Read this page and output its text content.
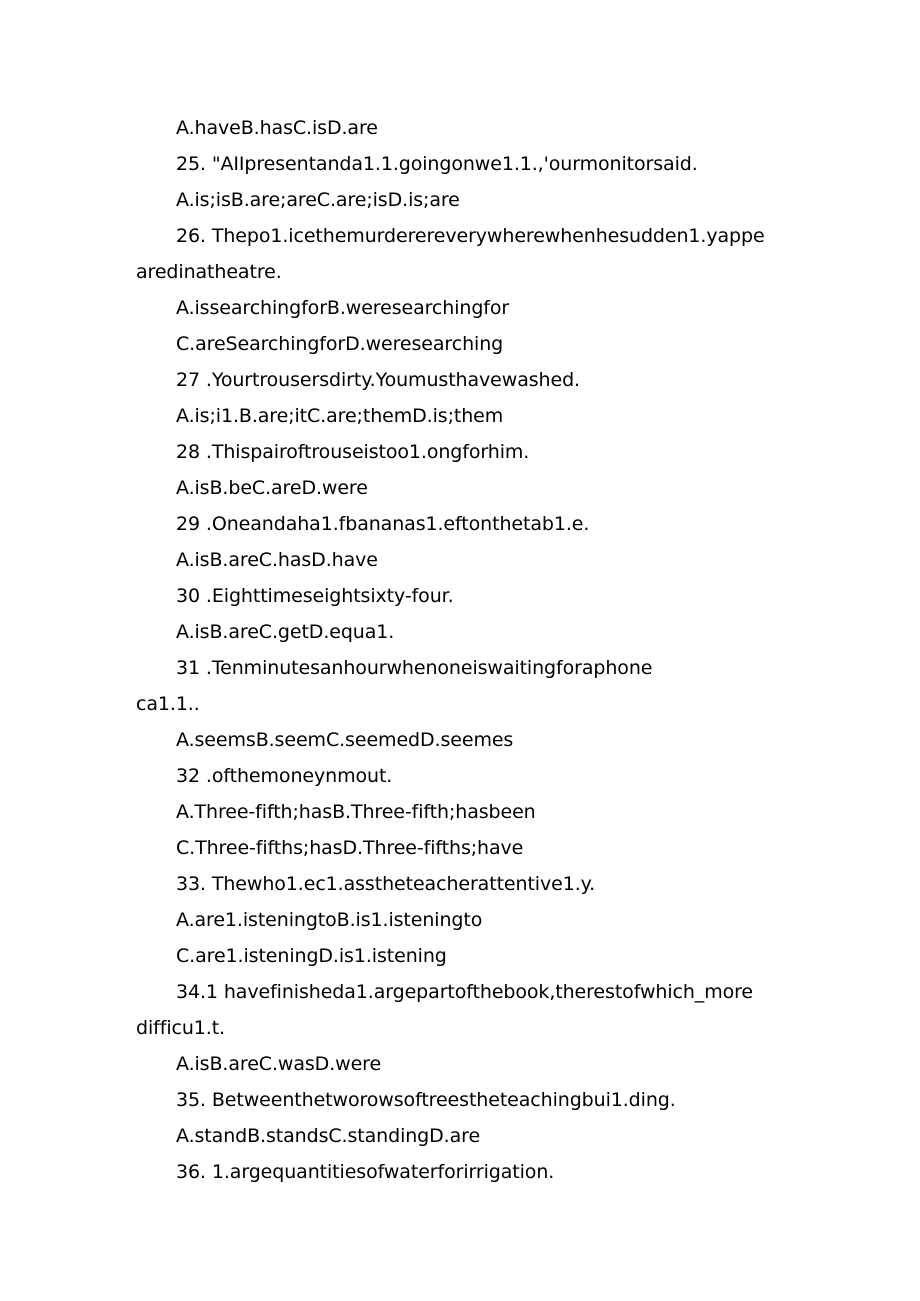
A.haveB.hasC.isD.are
25. "AIIpresentanda1.1.goingonwe1.1.,'ourmonitorsaid.
A.is;isB.are;areC.are;isD.is;are
26. Thepo1.icethemurderereverywherewhenhesudden1.yappe
aredinatheatre.
A.issearchingforB.weresearchingfor
C.areSearchingforD.weresearching
27 .Yourtrousersdirty.Youmusthavewashed.
A.is;i1.B.are;itC.are;themD.is;them
28 .Thispairoftrouseistoo1.ongforhim.
A.isB.beC.areD.were
29 .Oneandaha1.fbananas1.eftonthetab1.e.
A.isB.areC.hasD.have
30 .Eighttimeseightsixty-four.
A.isB.areC.getD.equa1.
31 .Tenminutesanhourwhenoneiswaitingforaphone
ca1.1..
A.seemsB.seemC.seemedD.seemes
32 .ofthemoneynmout.
A.Three-fifth;hasB.Three-fifth;hasbeen
C.Three-fifths;hasD.Three-fifths;have
33. Thewho1.ec1.asstheteacherattentive1.y.
A.are1.isteningtoB.is1.isteningto
C.are1.isteningD.is1.istening
34.1 havefinisheda1.argepartofthebook,therestofwhich_more
difficu1.t.
A.isB.areC.wasD.were
35. Betweenthetworowsoftreestheteachingbui1.ding.
A.standB.standsC.standingD.are
36. 1.argequantitiesofwaterforirrigation.
